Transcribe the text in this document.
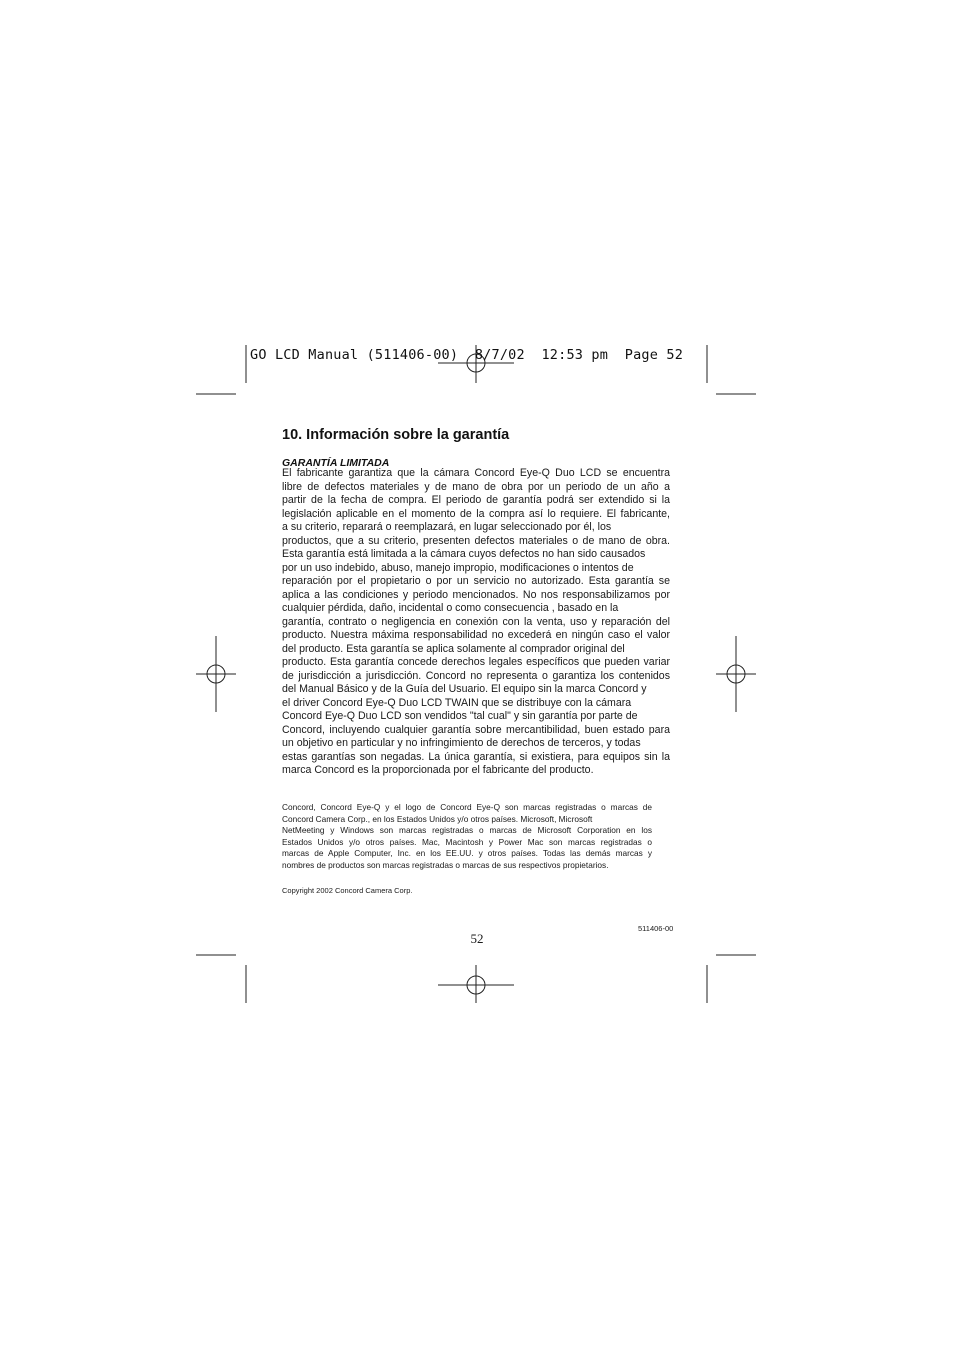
GO LCD Manual (511406-00)  8/7/02  12:53 pm  Page 52
10. Información sobre la garantía
GARANTÍA LIMITADA
El fabricante garantiza que la cámara Concord Eye-Q Duo LCD se encuentra
libre de defectos materiales y de mano de obra por un periodo de un año a
partir de la fecha de compra. El periodo de garantía podrá ser extendido si la
legislación aplicable en el momento de la compra así lo requiere. El fabricante,
a su criterio, reparará o reemplazará, en lugar seleccionado por él, los
productos, que a su criterio, presenten defectos materiales o de mano de obra.
Esta garantía está limitada a la cámara cuyos defectos no han sido causados
por un uso indebido, abuso, manejo impropio, modificaciones o intentos de
reparación por el propietario o por un servicio no autorizado. Esta garantía se
aplica a las condiciones y periodo mencionados. No nos responsabilizamos por
cualquier pérdida, daño, incidental o como consecuencia , basado en la
garantía, contrato o negligencia en conexión con la venta, uso y reparación del
producto. Nuestra máxima responsabilidad no excederá en ningún caso el valor
del producto. Esta garantía se aplica solamente al comprador original del
producto. Esta garantía concede derechos legales específicos que pueden variar
de jurisdicción a jurisdicción. Concord no representa o garantiza los contenidos
del Manual Básico y de la Guía del Usuario. El equipo sin la marca Concord y
el driver Concord Eye-Q Duo LCD TWAIN que se distribuye con la cámara
Concord Eye-Q Duo LCD son vendidos "tal cual" y sin garantía por parte de
Concord, incluyendo cualquier garantía sobre mercantibilidad, buen estado para
un objetivo en particular y no infringimiento de derechos de terceros, y todas
estas garantías son negadas. La única garantía, si existiera, para equipos sin la
marca Concord es la proporcionada por el fabricante del producto.
Concord, Concord Eye-Q y el logo de Concord Eye-Q son marcas registradas o marcas de
Concord Camera Corp., en los Estados Unidos y/o otros países. Microsoft, Microsoft
NetMeeting y Windows son marcas registradas o marcas de Microsoft Corporation en los
Estados Unidos y/o otros países. Mac, Macintosh y Power Mac son marcas registradas o
marcas de Apple Computer, Inc. en los EE.UU. y otros países. Todas las demás marcas y
nombres de productos son marcas registradas o marcas de sus respectivos propietarios.
Copyright 2002 Concord Camera Corp.
511406-00
52
